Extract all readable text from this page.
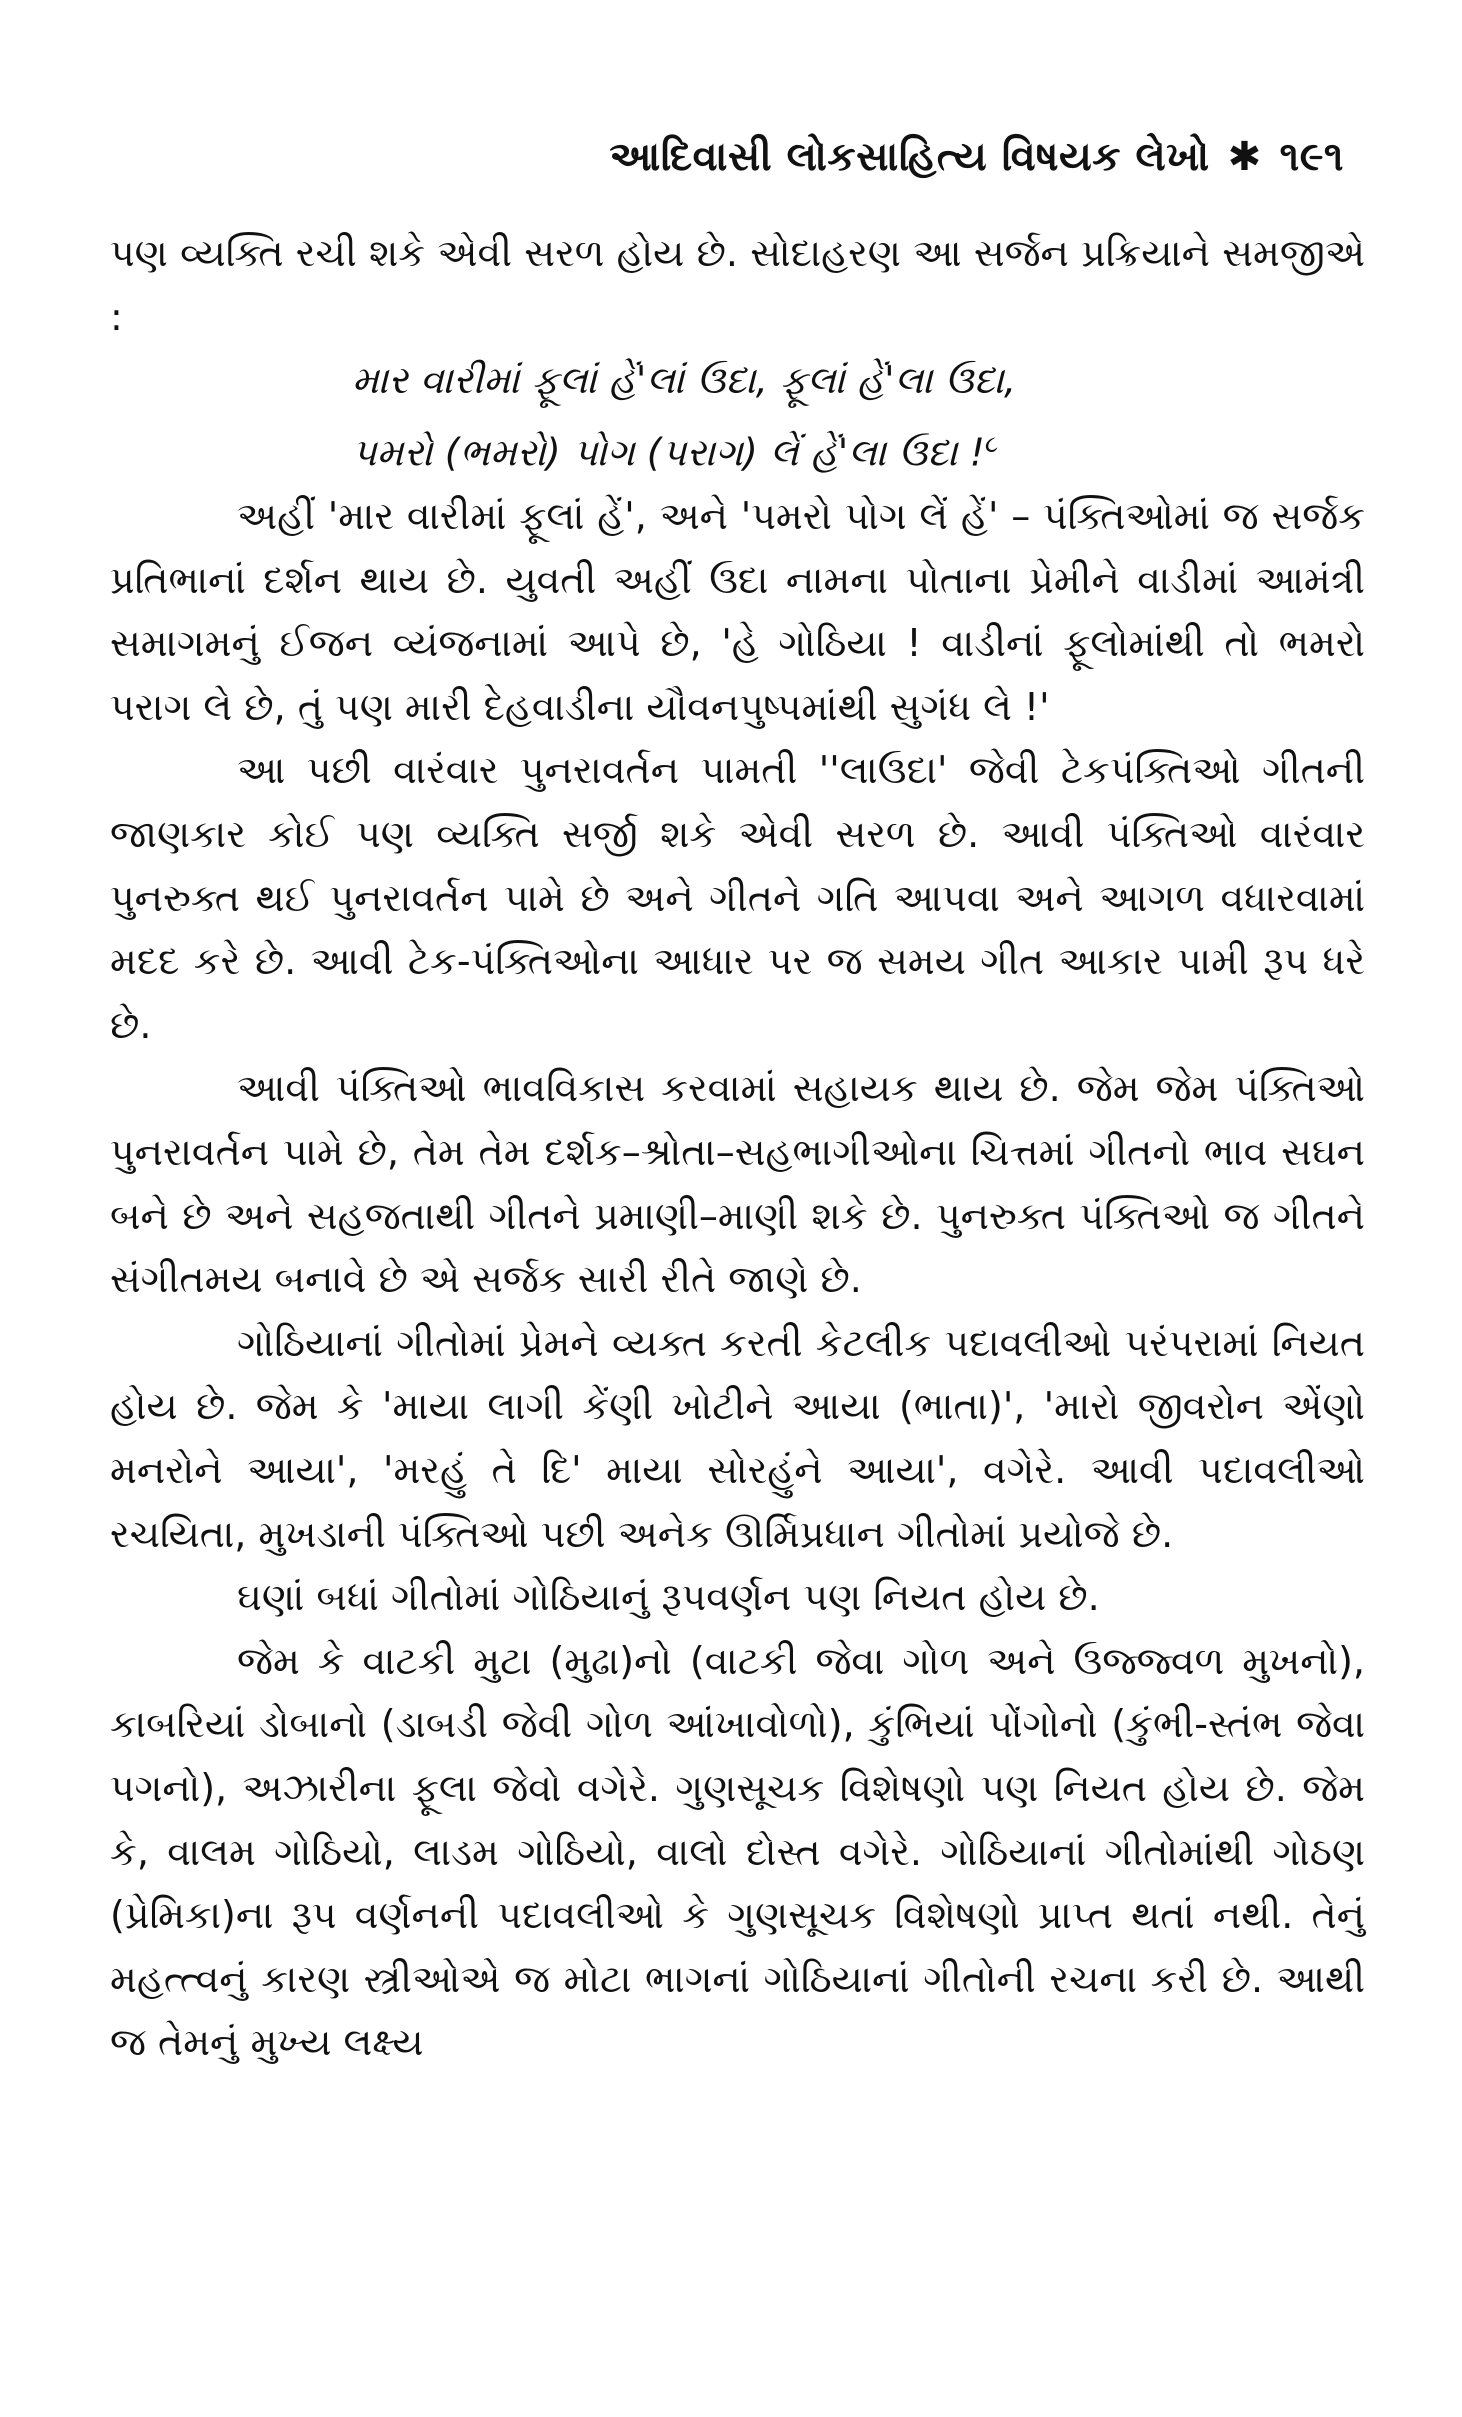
આદિવાસી લોકસાહિત્ય વિષયક લેખો ✱ ૧૯૧

પણ વ્યક્તિ રચી શકે એવી સરળ હોય છે. સોદાહરણ આ સર્જન પ્રક્રિયાને સમજીએ :

માર વારીમાં ફૂલાં હેં'લાં ઉદા, ફૂલાં હેં'લા ઉદા,
પમરો (ભમરો) પોગ (પરાગ) લેં હેં'લા ઉદા !$^૮$

અહીં 'માર વારીમાં ફૂલાં હેં', અને 'પમરો પોગ લેં હેં' – પંક્તિઓમાં જ સર્જક પ્રતિભાનાં દર્શન થાય છે. યુવતી અહીં ઉદા નામના પોતાના પ્રેમીને વાડીમાં આમંત્રી સમાગમનું ઈજન વ્યંજનામાં આપે છે, 'હે ગોઠિયા ! વાડીનાં ફૂલોમાંથી તો ભમરો પરાગ લે છે, તું પણ મારી દેહવાડીના યૌવનપુષ્પમાંથી સુગંધ લે !'

આ પછી વારંવાર પુનરાવર્તન પામતી ''લાઉદા' જેવી ટેકપંક્તિઓ ગીતની જાણકાર કોઈ પણ વ્યક્તિ સર્જી શકે એવી સરળ છે. આવી પંક્તિઓ વારંવાર પુનરુક્ત થઈ પુનરાવર્તન પામે છે અને ગીતને ગતિ આપવા અને આગળ વધારવામાં મદદ કરે છે. આવી ટેક-પંક્તિઓના આધાર પર જ સમય ગીત આકાર પામી રૂપ ધરે છે.

આવી પંક્તિઓ ભાવવિકાસ કરવામાં સહાયક થાય છે. જેમ જેમ પંક્તિઓ પુનરાવર્તન પામે છે, તેમ તેમ દર્શક–શ્રોતા–સહભાગીઓના ચિત્તમાં ગીતનો ભાવ સઘન બને છે અને સહજતાથી ગીતને પ્રમાણી–માણી શકે છે. પુનરુક્ત પંક્તિઓ જ ગીતને સંગીતમય બનાવે છે એ સર્જક સારી રીતે જાણે છે.

ગોઠિયાનાં ગીતોમાં પ્રેમને વ્યક્ત કરતી કેટલીક પદાવલીઓ પરંપરામાં નિયત હોય છે. જેમ કે 'માયા લાગી કેંણી ખોટીને આયા (ભાતા)', 'મારો જીવરોન એંણો મનરોને આયા', 'મરહું તે દિ' માયા સોરહુંને આયા', વગેરે. આવી પદાવલીઓ રચયિતા, મુખડાની પંક્તિઓ પછી અનેક ઊર્મિપ્રધાન ગીતોમાં પ્રયોજે છે.

ઘણાં બધાં ગીતોમાં ગોઠિયાનું રૂપવર્ણન પણ નિયત હોય છે.

જેમ કે વાટકી મુટા (મુઢા)નો (વાટકી જેવા ગોળ અને ઉજ્જ્વળ મુખનો), કાબરિયાં ડોબાનો (ડાબડી જેવી ગોળ આંખાવોળો), કુંભિયાં પોંગોનો (કુંભી-સ્તંભ જેવા પગનો), અઝારીના ફૂલા જેવો વગેરે. ગુણસૂચક વિશેષણો પણ નિયત હોય છે. જેમ કે, વાલમ ગોઠિયો, લાડમ ગોઠિયો, વાલો દોસ્ત વગેરે. ગોઠિયાનાં ગીતોમાંથી ગોઠણ (પ્રેમિકા)ના રૂપ વર્ણનની પદાવલીઓ કે ગુણસૂચક વિશેષણો પ્રાપ્ત થતાં નથી. તેનું મહત્ત્વનું કારણ સ્ત્રીઓએ જ મોટા ભાગનાં ગોઠિયાનાં ગીતોની રચના કરી છે. આથી જ તેમનું મુખ્ય લક્ષ્ય
